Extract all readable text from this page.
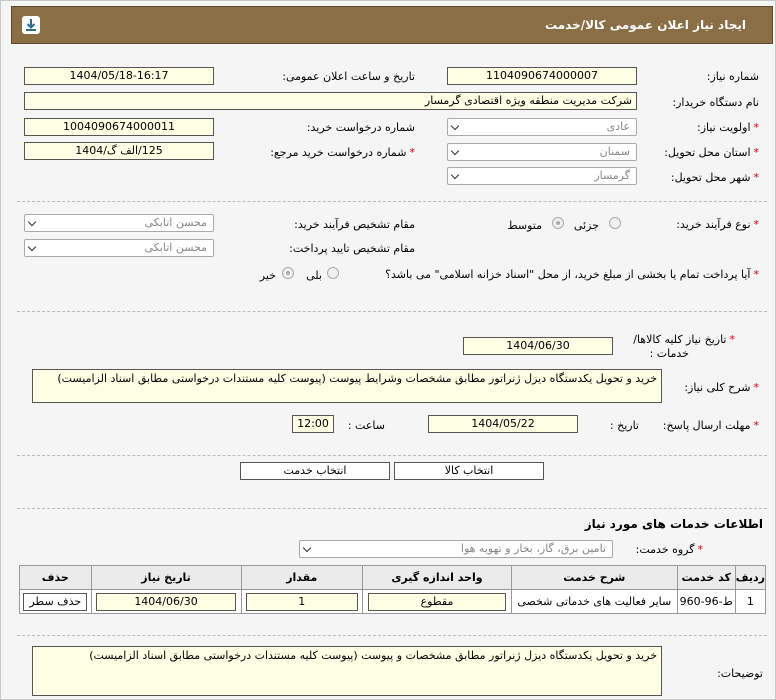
ایجاد نیاز اعلان عمومی کالا/خدمت
شماره نیاز:
1104090674000007
تاریخ و ساعت اعلان عمومی:
1404/05/18-16:17
نام دستگاه خریدار:
شرکت مدیریت منطقه ویژه اقتصادی گرمسار
*اولویت نیاز:
عادی
شماره درخواست خرید:
1004090674000011
*استان محل تحویل:
سمنان
*شماره درخواست خرید مرجع:
125/الف گ/1404
*شهر محل تحویل:
گرمسار
*نوع فرآیند خرید:
جزئی
متوسط
مقام تشخیص فرآیند خرید:
محسن اتابکی
مقام تشخیص تایید پرداخت:
محسن اتابکی
*آیا پرداخت تمام یا بخشی از مبلغ خرید، از محل "اسناد خزانه اسلامی" می باشد؟
بلی
خیر
*تاریخ نیاز کلیه کالاها/
خدمات :
1404/06/30
*شرح کلی نیاز:
خرید و تحویل یکدستگاه دیزل ژنراتور مطابق مشخصات وشرایط پیوست (پیوست کلیه مستندات درخواستی مطابق اسناد الزامیست)
*مهلت ارسال پاسخ:
تاریخ :
1404/05/22
ساعت :
12:00
انتخاب کالا
انتخاب خدمت
اطلاعات خدمات های مورد نیاز
*گروه خدمت:
تامین برق، گاز، بخار و تهویه هوا
ردیف	کد خدمت	شرح خدمت	واحد اندازه گیری	مقدار	تاریخ نیاز	حذف
1	ط-96-960	سایر فعالیت های خدماتی شخصی	مقطوع	1	1404/06/30	حذف سطر
توضیحات:
خرید و تحویل یکدستگاه دیزل ژنراتور مطابق مشخصات و پیوست (پیوست کلیه مستندات درخواستی مطابق اسناد الزامیست)
